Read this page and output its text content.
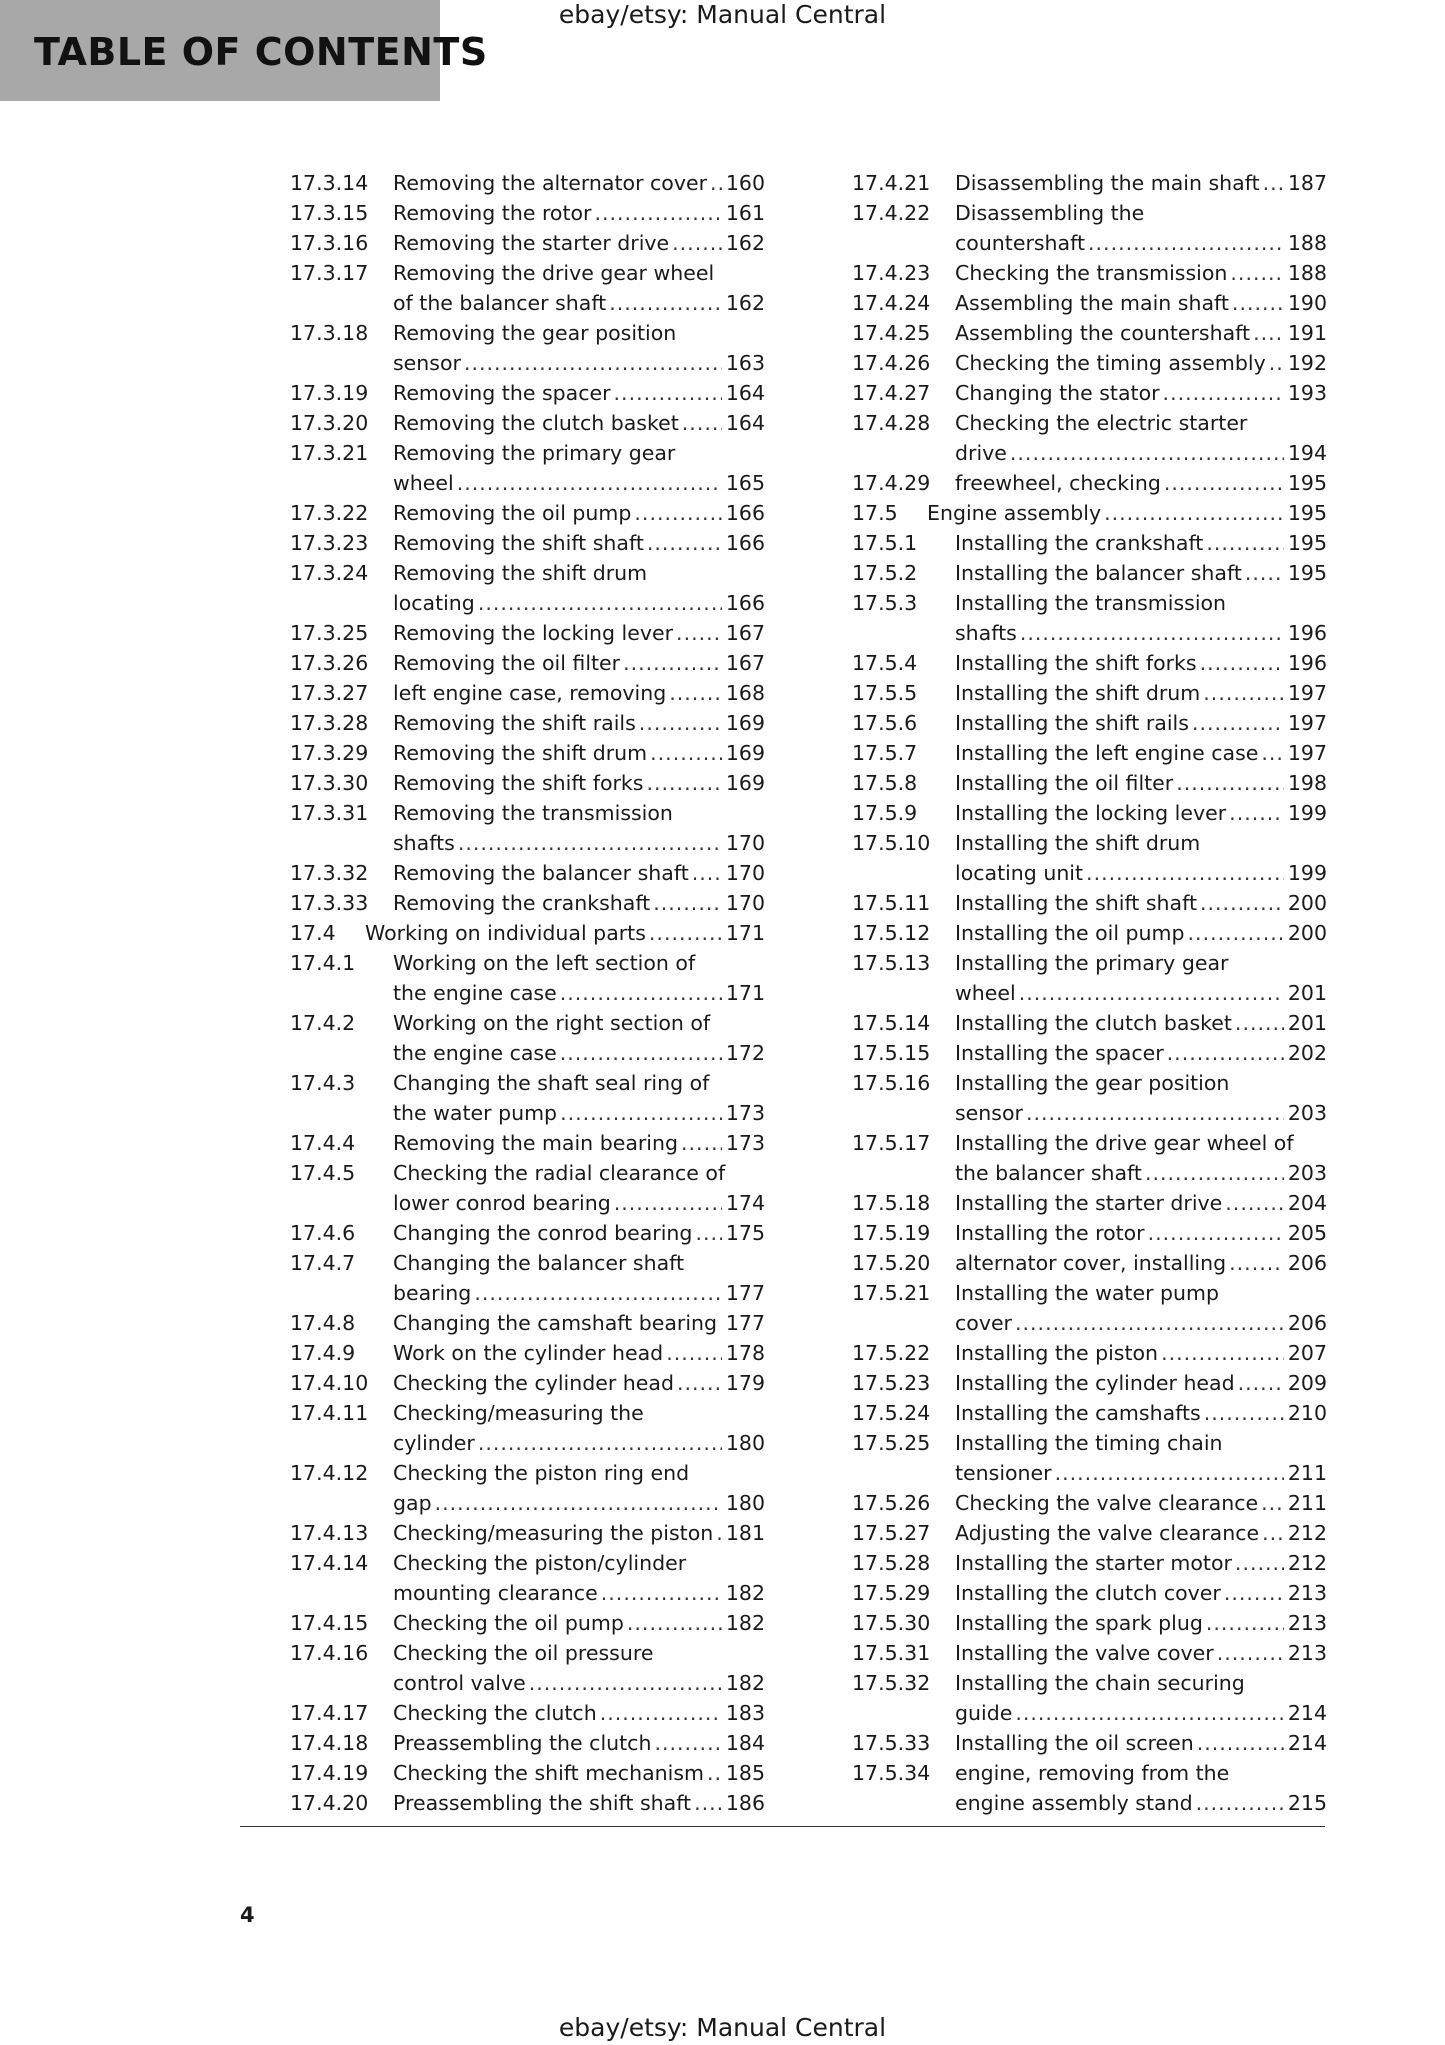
ebay/etsy: Manual Central
TABLE OF CONTENTS
17.3.14 Removing the alternator cover ..... 160
17.3.15 Removing the rotor .....	161
17.3.16 Removing the starter drive .....	162
17.3.17 Removing the drive gear wheel
of the balancer shaft .....	162
17.3.18 Removing the gear position
sensor .....	163
17.3.19 Removing the spacer .....	164
17.3.20 Removing the clutch basket ..... 164
17.3.21 Removing the primary gear
wheel .....	165
17.3.22 Removing the oil pump .....	166
17.3.23 Removing the shift shaft .....	166
17.3.24 Removing the shift drum
locating .....	166
17.3.25 Removing the locking lever .....	167
17.3.26 Removing the oil filter .....	167
17.3.27 left engine case, removing .....	168
17.3.28 Removing the shift rails .....	169
17.3.29 Removing the shift drum .....	169
17.3.30 Removing the shift forks .....	169
17.3.31 Removing the transmission
shafts .....	170
17.3.32 Removing the balancer shaft ..... 170
17.3.33 Removing the crankshaft .....	170
17.4 Working on individual parts .....	171
17.4.1 Working on the left section of
the engine case .....	171
17.4.2 Working on the right section of
the engine case .....	172
17.4.3 Changing the shaft seal ring of
the water pump .....	173
17.4.4 Removing the main bearing ..... 173
17.4.5 Checking the radial clearance of
lower conrod bearing .....	174
17.4.6 Changing the conrod bearing ..... 175
17.4.7 Changing the balancer shaft
bearing .....	177
17.4.8 Changing the camshaft bearing ..... 177
17.4.9 Work on the cylinder head .....	178
17.4.10 Checking the cylinder head .....	179
17.4.11 Checking/measuring the
cylinder .....	180
17.4.12 Checking the piston ring end
gap .....	180
17.4.13 Checking/measuring the piston ..... 181
17.4.14 Checking the piston/cylinder
mounting clearance .....	182
17.4.15 Checking the oil pump .....	182
17.4.16 Checking the oil pressure
control valve .....	182
17.4.17 Checking the clutch .....	183
17.4.18 Preassembling the clutch .....	184
17.4.19 Checking the shift mechanism ..... 185
17.4.20 Preassembling the shift shaft ..... 186
17.4.21 Disassembling the main shaft ..... 187
17.4.22 Disassembling the
countershaft .....	188
17.4.23 Checking the transmission .....	188
17.4.24 Assembling the main shaft .....	190
17.4.25 Assembling the countershaft ..... 191
17.4.26 Checking the timing assembly ..... 192
17.4.27 Changing the stator .....	193
17.4.28 Checking the electric starter
drive .....	194
17.4.29 freewheel, checking .....	195
17.5 Engine assembly .....	195
17.5.1 Installing the crankshaft .....	195
17.5.2 Installing the balancer shaft ..... 195
17.5.3 Installing the transmission
shafts .....	196
17.5.4 Installing the shift forks .....	196
17.5.5 Installing the shift drum .....	197
17.5.6 Installing the shift rails .....	197
17.5.7 Installing the left engine case ..... 197
17.5.8 Installing the oil filter .....	198
17.5.9 Installing the locking lever .....	199
17.5.10 Installing the shift drum
locating unit .....	199
17.5.11 Installing the shift shaft .....	200
17.5.12 Installing the oil pump .....	200
17.5.13 Installing the primary gear
wheel .....	201
17.5.14 Installing the clutch basket .....	201
17.5.15 Installing the spacer .....	202
17.5.16 Installing the gear position
sensor .....	203
17.5.17 Installing the drive gear wheel of
the balancer shaft .....	203
17.5.18 Installing the starter drive .....	204
17.5.19 Installing the rotor .....	205
17.5.20 alternator cover, installing .....	206
17.5.21 Installing the water pump
cover .....	206
17.5.22 Installing the piston .....	207
17.5.23 Installing the cylinder head .....	209
17.5.24 Installing the camshafts .....	210
17.5.25 Installing the timing chain
tensioner .....	211
17.5.26 Checking the valve clearance ..... 211
17.5.27 Adjusting the valve clearance ..... 212
17.5.28 Installing the starter motor .....	212
17.5.29 Installing the clutch cover .....	213
17.5.30 Installing the spark plug .....	213
17.5.31 Installing the valve cover .....	213
17.5.32 Installing the chain securing
guide .....	214
17.5.33 Installing the oil screen .....	214
17.5.34 engine, removing from the
engine assembly stand .....	215
4
ebay/etsy: Manual Central
